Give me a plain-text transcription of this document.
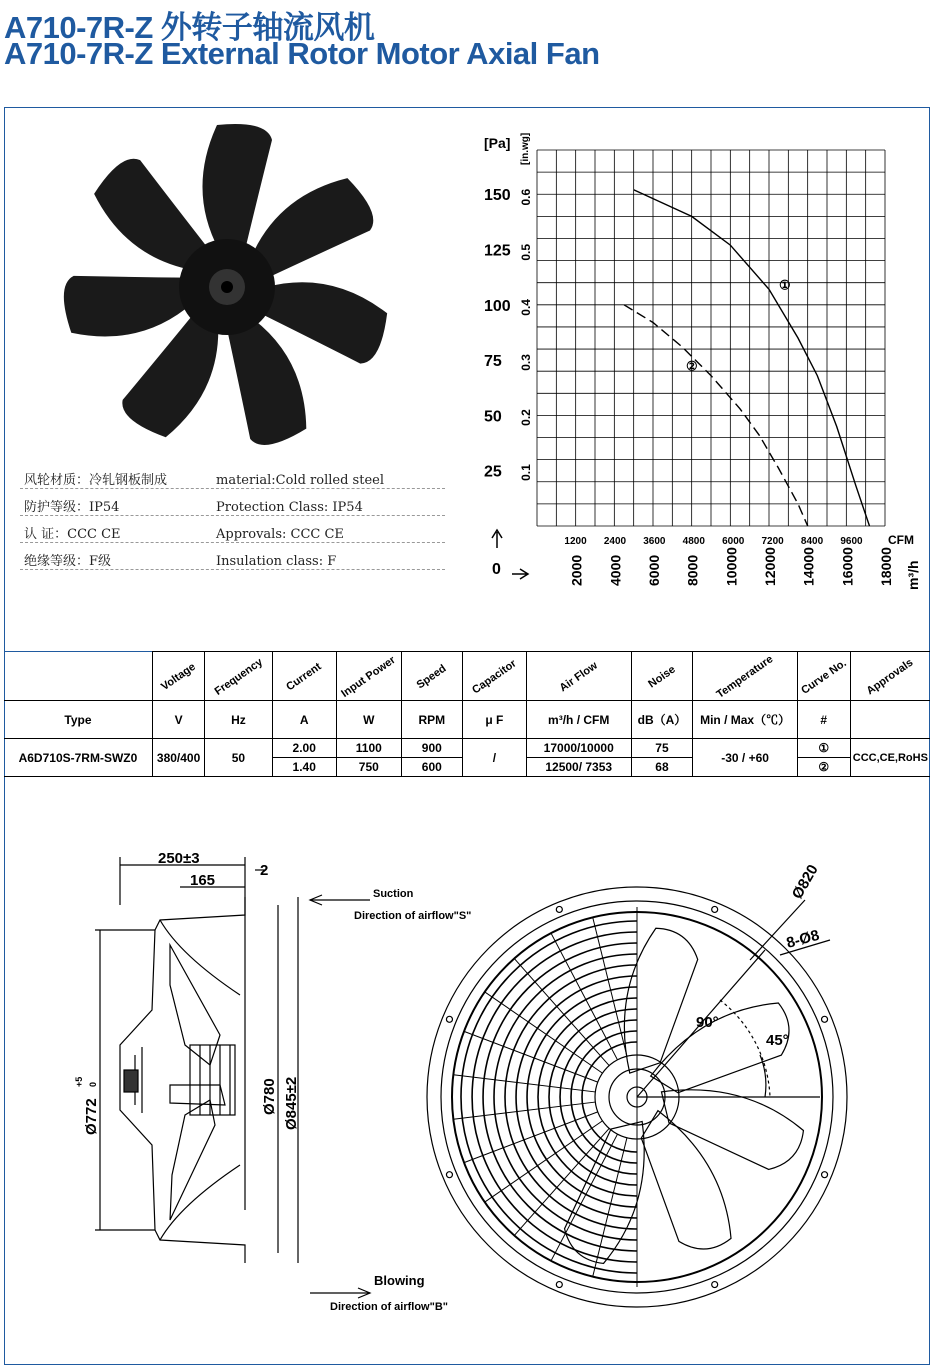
A710-7R-Z 外转子轴流风机
A710-7R-Z External Rotor Motor Axial Fan
风轮材质：冷轧钢板制成	material:Cold rolled steel
防护等级：IP54	Protection Class: IP54
认 证：CCC CE	Approvals: CCC CE
绝缘等级：F级	Insulation class: F
[Pa] [in.wg]
150
125
100
75
50
25
0.6
0.5
0.4
0.3
0.2
0.1
1200 2400 3600 4800 6000 7200 8400 9600
2000 4000 6000 8000 10000 12000 14000 16000 18000
①
②
CFM
m³/h
0
	Voltage	Frequency	Current	Input Power	Speed	Capacitor	Air Flow	Noise	Temperature	Curve No.	Approvals
Type	V	Hz	A	W	RPM	μ F	m³/h / CFM	dB（A）	Min / Max（℃）	#	
A6D710S-7RM-SWZ0	380/400	50	2.00	1100	900	/	17000/10000	75	-30 / +60	①	CCC,CE,RoHS
			1.40	750	600		12500/ 7353	68		②	
250±3
165
2
Ø772
+5 0	Ø780 Ø845±2
Suction
Direction of airflow"S"
Blowing
Direction of airflow"B"
Ø820
8-Ø8
90°
45°
